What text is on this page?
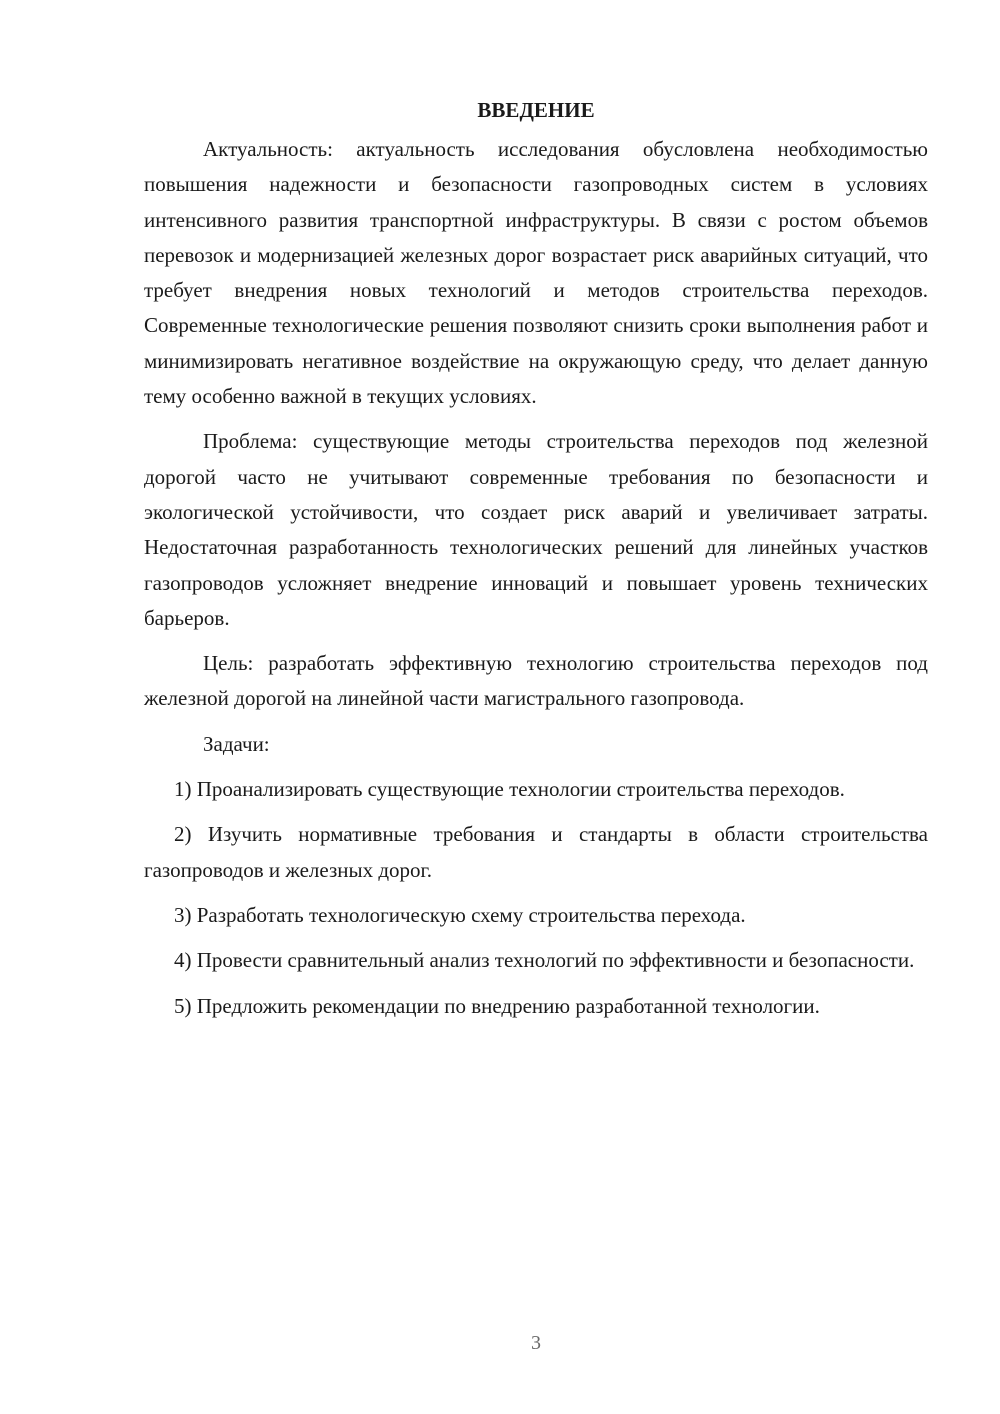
ВВЕДЕНИЕ

Актуальность: актуальность исследования обусловлена необходимостью повышения надежности и безопасности газопроводных систем в условиях интенсивного развития транспортной инфраструктуры. В связи с ростом объемов перевозок и модернизацией железных дорог возрастает риск аварийных ситуаций, что требует внедрения новых технологий и методов строительства переходов. Современные технологические решения позволяют снизить сроки выполнения работ и минимизировать негативное воздействие на окружающую среду, что делает данную тему особенно важной в текущих условиях.

Проблема: существующие методы строительства переходов под железной дорогой часто не учитывают современные требования по безопасности и экологической устойчивости, что создает риск аварий и увеличивает затраты. Недостаточная разработанность технологических решений для линейных участков газопроводов усложняет внедрение инноваций и повышает уровень технических барьеров.

Цель: разработать эффективную технологию строительства переходов под железной дорогой на линейной части магистрального газопровода.

Задачи:

1) Проанализировать существующие технологии строительства переходов.

2) Изучить нормативные требования и стандарты в области строительства газопроводов и железных дорог.

3) Разработать технологическую схему строительства перехода.

4) Провести сравнительный анализ технологий по эффективности и безопасности.

5) Предложить рекомендации по внедрению разработанной технологии.

3
